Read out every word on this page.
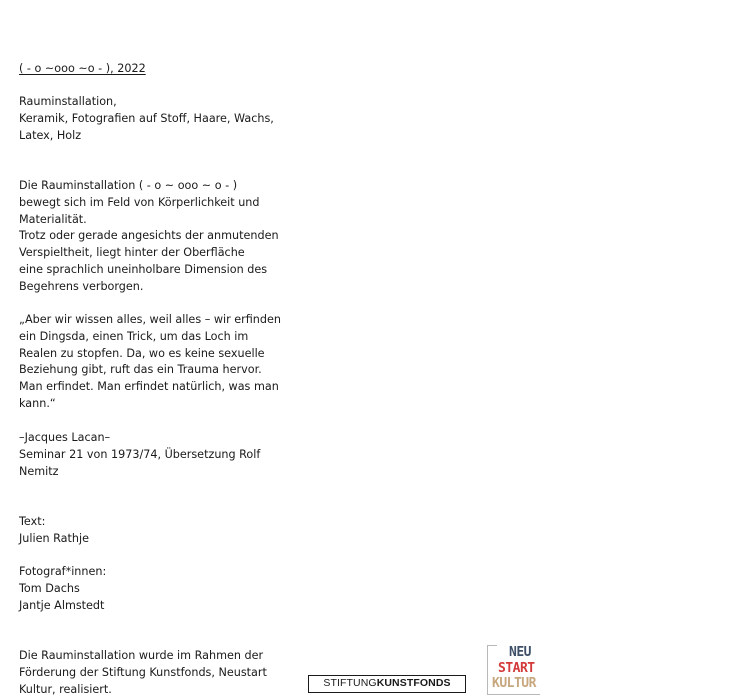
( - o ~ooo ~o - ), 2022
Rauminstallation,
Keramik, Fotografien auf Stoff, Haare, Wachs,
Latex, Holz
Die Rauminstallation ( - o ~ ooo ~ o - )
bewegt sich im Feld von Körperlichkeit und
Materialität.
Trotz oder gerade angesichts der anmutenden
Verspieltheit, liegt hinter der Oberfläche
eine sprachlich uneinholbare Dimension des
Begehrens verborgen.
„Aber wir wissen alles, weil alles – wir erfinden
ein Dingsda, einen Trick, um das Loch im
Realen zu stopfen. Da, wo es keine sexuelle
Beziehung gibt, ruft das ein Trauma hervor.
Man erfindet. Man erfindet natürlich, was man
kann.“
–Jacques Lacan–
Seminar 21 von 1973/74, Übersetzung Rolf
Nemitz
Text:
Julien Rathje
Fotograf*innen:
Tom Dachs
Jantje Almstedt
Die Rauminstallation wurde im Rahmen der
Förderung der Stiftung Kunstfonds, Neustart
Kultur, realisiert.	STIFTUNGKUNSTFONDS
NEU
START
KULTUR
